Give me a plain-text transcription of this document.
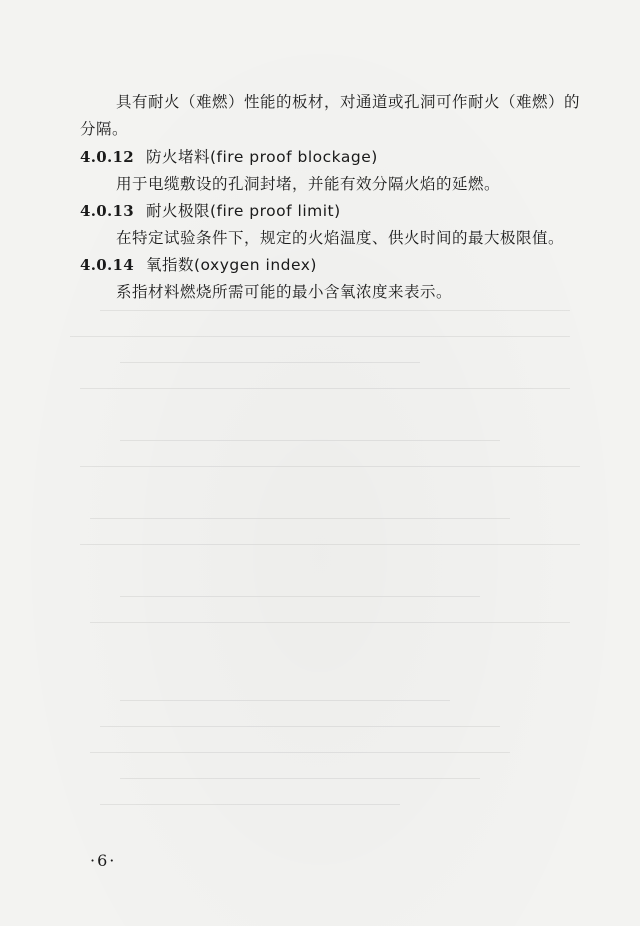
具有耐火（难燃）性能的板材，对通道或孔洞可作耐火（难燃）的
分隔。
4.0.12 防火堵料(fire proof blockage)
用于电缆敷设的孔洞封堵，并能有效分隔火焰的延燃。
4.0.13 耐火极限(fire proof limit)
在特定试验条件下，规定的火焰温度、供火时间的最大极限值。
4.0.14 氧指数(oxygen index)
系指材料燃烧所需可能的最小含氧浓度来表示。
·6·
